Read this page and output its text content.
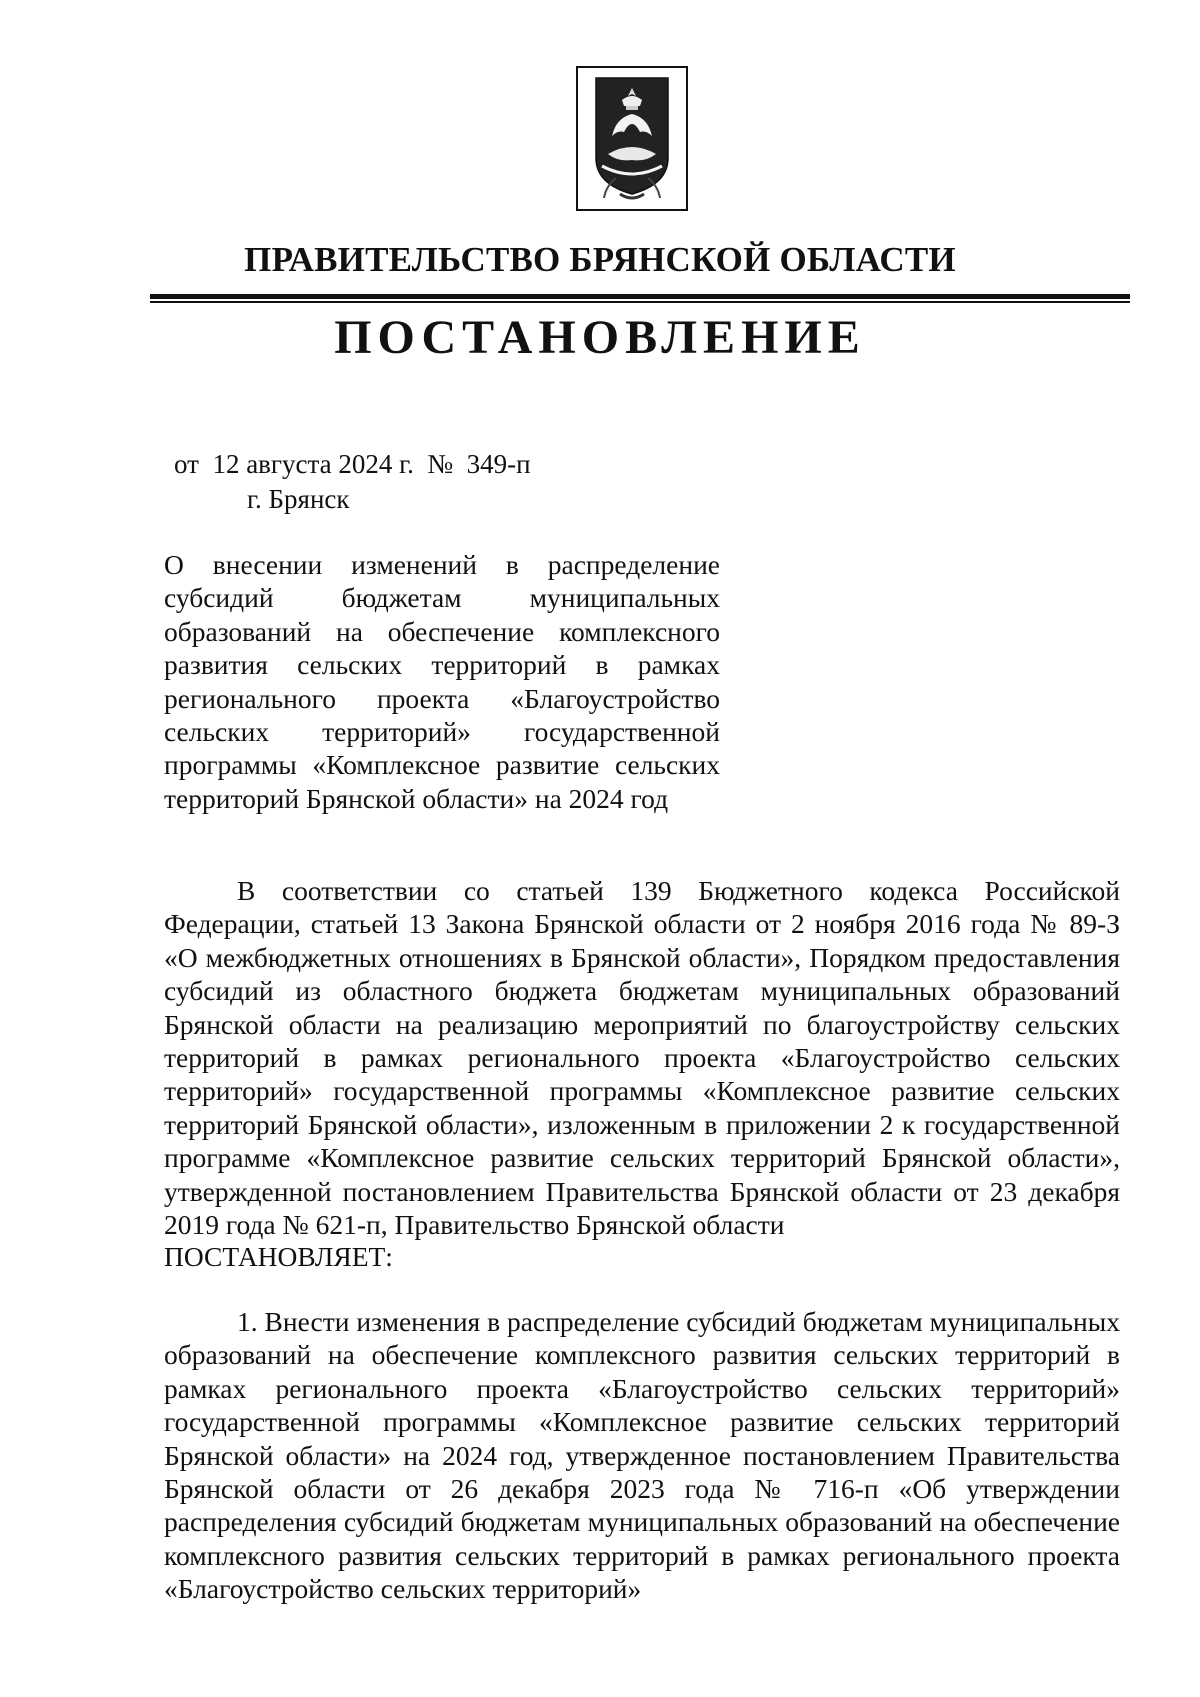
ПРАВИТЕЛЬСТВО БРЯНСКОЙ ОБЛАСТИ
ПОСТАНОВЛЕНИЕ
от  12 августа 2024 г.  №  349-п
г. Брянск
О внесении изменений в распределение субсидий бюджетам муниципальных образований на обеспечение комплексного развития сельских территорий в рамках регионального проекта «Благоустройство сельских территорий» государственной программы «Комплексное развитие сельских территорий Брянской области» на 2024 год
В соответствии со статьей 139 Бюджетного кодекса Российской Федерации, статьей 13 Закона Брянской области от 2 ноября 2016 года № 89-З «О межбюджетных отношениях в Брянской области», Порядком предоставления субсидий из областного бюджета бюджетам муниципальных образований Брянской области на реализацию мероприятий по благоустройству сельских территорий в рамках регионального проекта «Благоустройство сельских территорий» государственной программы «Комплексное развитие сельских территорий Брянской области», изложенным в приложении 2 к государственной программе «Комплексное развитие сельских территорий Брянской области», утвержденной постановлением Правительства Брянской области от 23 декабря 2019 года № 621-п, Правительство Брянской области
ПОСТАНОВЛЯЕТ:
1. Внести изменения в распределение субсидий бюджетам муниципальных образований на обеспечение комплексного развития сельских территорий в рамках регионального проекта «Благоустройство сельских территорий» государственной программы «Комплексное развитие сельских территорий Брянской области» на 2024 год, утвержденное постановлением Правительства Брянской области от 26 декабря 2023 года № 716-п «Об утверждении распределения субсидий бюджетам муниципальных образований на обеспечение комплексного развития сельских территорий в рамках регионального проекта «Благоустройство сельских территорий»
